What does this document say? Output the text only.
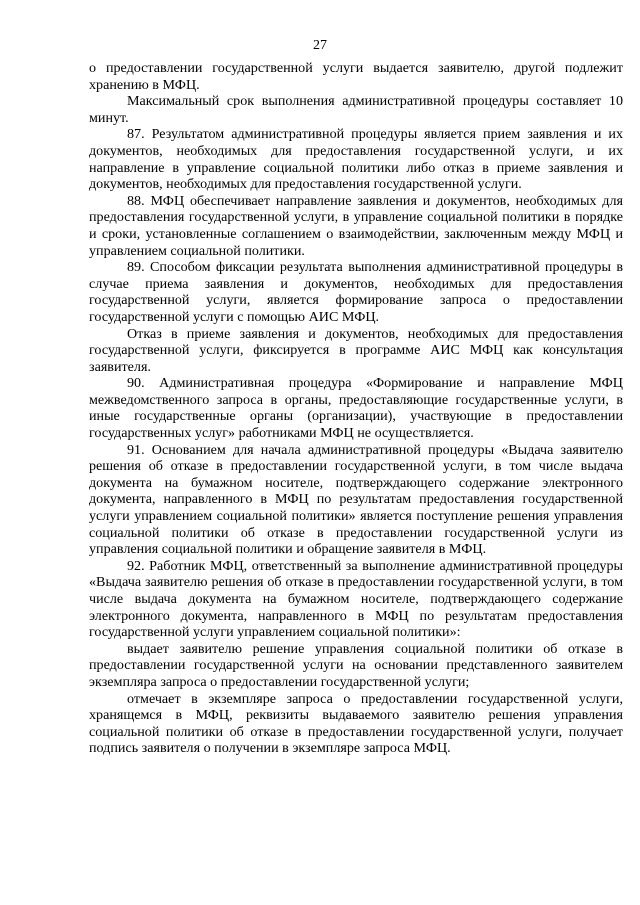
27

о предоставлении государственной услуги выдается заявителю, другой подлежит хранению в МФЦ.

Максимальный срок выполнения административной процедуры составляет 10 минут.

87. Результатом административной процедуры является прием заявления и их документов, необходимых для предоставления государственной услуги, и их направление в управление социальной политики либо отказ в приеме заявления и документов, необходимых для предоставления государственной услуги.

88. МФЦ обеспечивает направление заявления и документов, необходимых для предоставления государственной услуги, в управление социальной политики в порядке и сроки, установленные соглашением о взаимодействии, заключенным между МФЦ и управлением социальной политики.

89. Способом фиксации результата выполнения административной процедуры в случае приема заявления и документов, необходимых для предоставления государственной услуги, является формирование запроса о предоставлении государственной услуги с помощью АИС МФЦ.

Отказ в приеме заявления и документов, необходимых для предоставления государственной услуги, фиксируется в программе АИС МФЦ как консультация заявителя.

90. Административная процедура «Формирование и направление МФЦ межведомственного запроса в органы, предоставляющие государственные услуги, в иные государственные органы (организации), участвующие в предоставлении государственных услуг» работниками МФЦ не осуществляется.

91. Основанием для начала административной процедуры «Выдача заявителю решения об отказе в предоставлении государственной услуги, в том числе выдача документа на бумажном носителе, подтверждающего содержание электронного документа, направленного в МФЦ по результатам предоставления государственной услуги управлением социальной политики» является поступление решения управления социальной политики об отказе в предоставлении государственной услуги из управления социальной политики и обращение заявителя в МФЦ.

92. Работник МФЦ, ответственный за выполнение административной процедуры «Выдача заявителю решения об отказе в предоставлении государственной услуги, в том числе выдача документа на бумажном носителе, подтверждающего содержание электронного документа, направленного в МФЦ по результатам предоставления государственной услуги управлением социальной политики»:

выдает заявителю решение управления социальной политики об отказе в предоставлении государственной услуги на основании представленного заявителем экземпляра запроса о предоставлении государственной услуги;

отмечает в экземпляре запроса о предоставлении государственной услуги, хранящемся в МФЦ, реквизиты выдаваемого заявителю решения управления социальной политики об отказе в предоставлении государственной услуги, получает подпись заявителя о получении в экземпляре запроса МФЦ.
